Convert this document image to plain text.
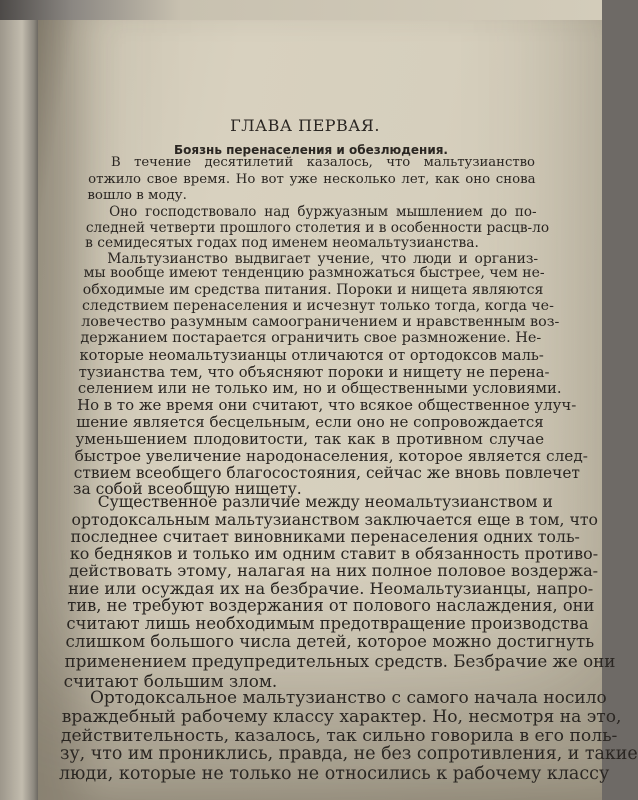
ГЛАВА ПЕРВАЯ.
Боязнь перенаселения и обезлюдения.
В течение десятилетий казалось, что мальтузианство
отжило свое время. Но вот уже несколько лет, как оно снова
вошло в моду.
Оно господствовало над буржуазным мышлением до по-
следней четверти прошлого столетия и в особенности расцв-ло
в семидесятых годах под именем неомальтузианства.
Мальтузианство выдвигает учение, что люди и организ-
мы вообще имеют тенденцию размножаться быстрее, чем не-
обходимые им средства питания. Пороки и нищета являются
следствием перенаселения и исчезнут только тогда, когда че-
ловечество разумным самоограничением и нравственным воз-
держанием постарается ограничить свое размножение. Не-
которые неомальтузианцы отличаются от ортодоксов маль-
тузианства тем, что объясняют пороки и нищету не перена-
селением или не только им, но и общественными условиями.
Но в то же время они считают, что всякое общественное улуч-
шение является бесцельным, если оно не сопровождается
уменьшением плодовитости, так как в противном случае
быстрое увеличение народонаселения, которое является след-
ствием всеобщего благосостояния, сейчас же вновь повлечет
за собой всеобщую нищету.
Существенное различие между неомальтузианством и
ортодоксальным мальтузианством заключается еще в том, что
последнее считает виновниками перенаселения одних толь-
ко бедняков и только им одним ставит в обязанность противо-
действовать этому, налагая на них полное половое воздержа-
ние или осуждая их на безбрачие. Неомальтузианцы, напро-
тив, не требуют воздержания от полового наслаждения, они
считают лишь необходимым предотвращение производства
слишком большого числа детей, которое можно достигнуть
применением предупредительных средств. Безбрачие же они
считают большим злом.
Ортодоксальное мальтузианство с самого начала носило
враждебный рабочему классу характер. Но, несмотря на это,
действительность, казалось, так сильно говорила в его поль-
зу, что им прониклись, правда, не без сопротивления, и такие
люди, которые не только не относились к рабочему классу
